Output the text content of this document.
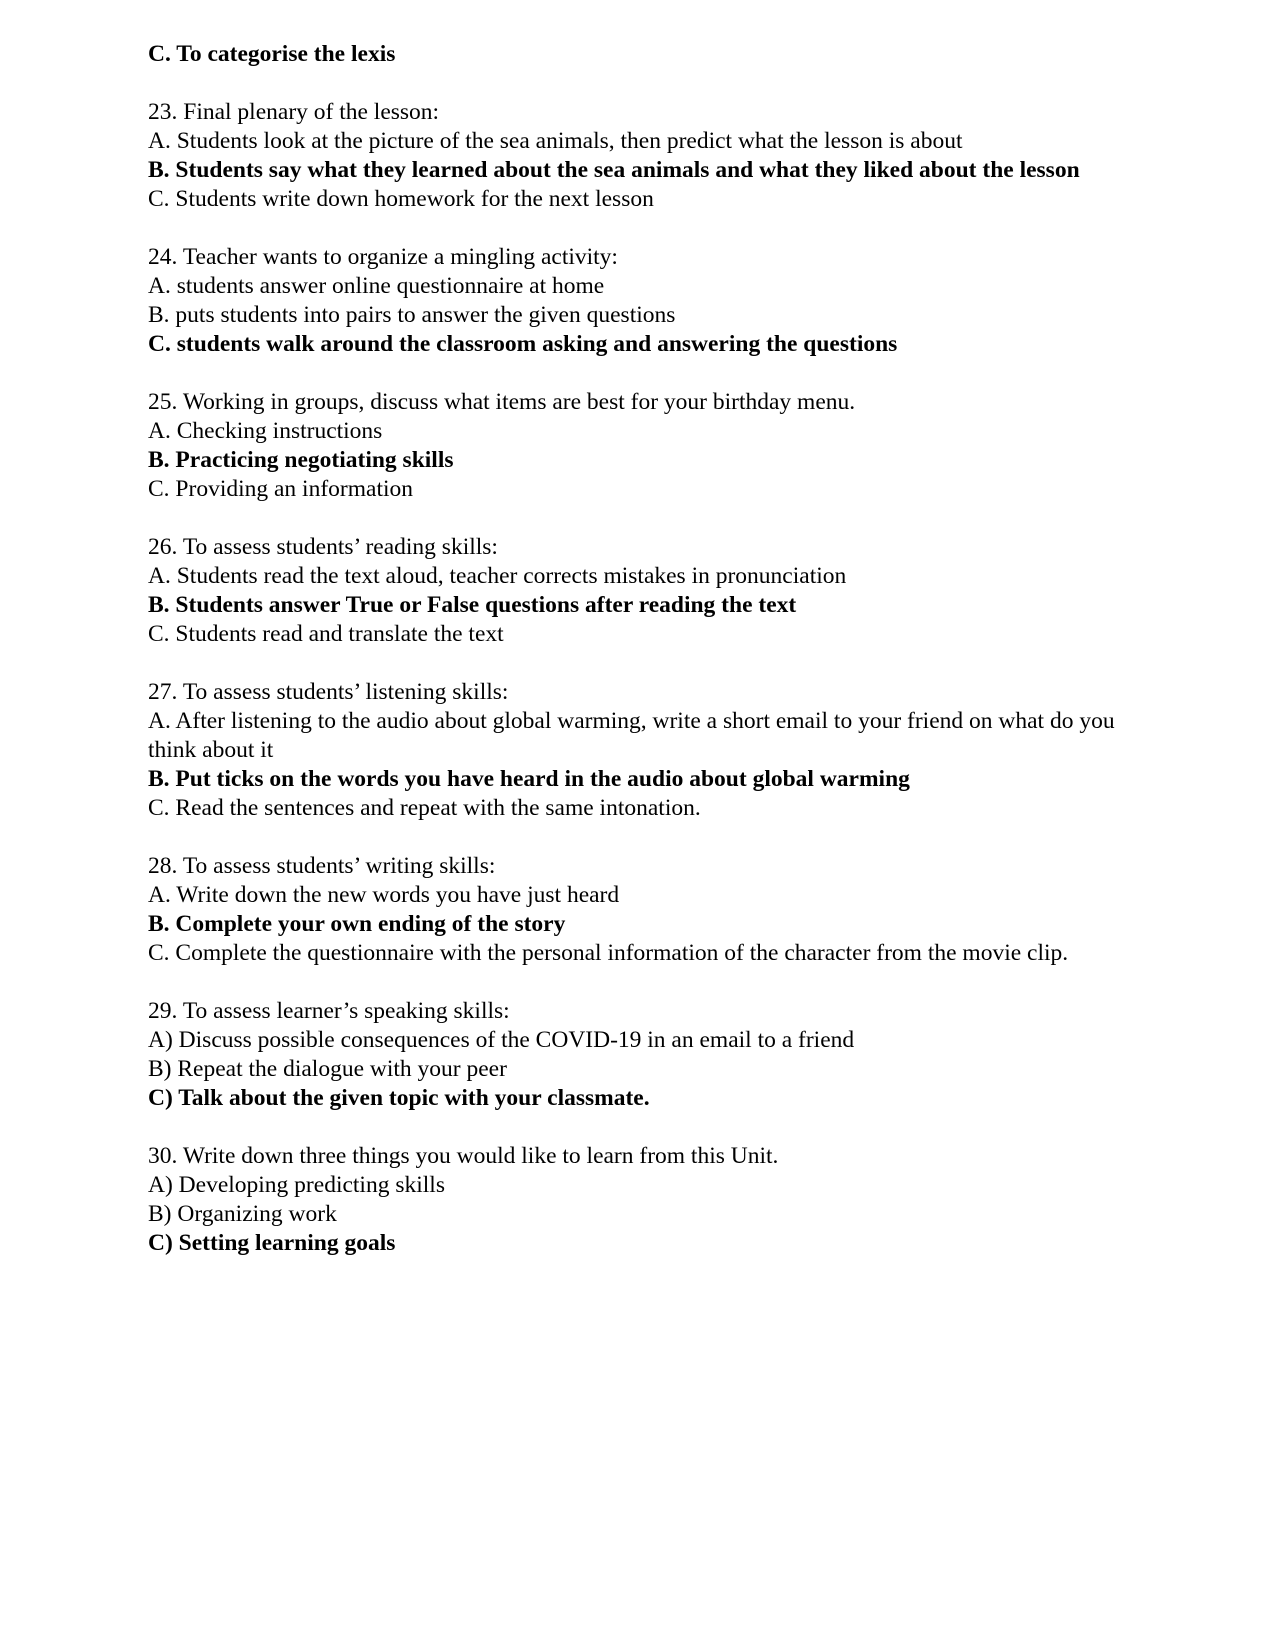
C. To categorise the lexis
23. Final plenary of the lesson:
A. Students look at the picture of the sea animals, then predict what the lesson is about
B. Students say what they learned about the sea animals and what they liked about the lesson
C. Students write down homework for the next lesson
24. Teacher wants to organize a mingling activity:
A. students answer online questionnaire at home
B. puts students into pairs to answer the given questions
C. students walk around the classroom asking and answering the questions
25. Working in groups, discuss what items are best for your birthday menu.
A. Checking instructions
B. Practicing negotiating skills
C. Providing an information
26. To assess students’ reading skills:
A. Students read the text aloud, teacher corrects mistakes in pronunciation
B. Students answer True or False questions after reading the text
C. Students read and translate the text
27. To assess students’ listening skills:
A. After listening to the audio about global warming, write a short email to your friend on what do you think about it
B. Put ticks on the words you have heard in the audio about global warming
C. Read the sentences and repeat with the same intonation.
28. To assess students’ writing skills:
A. Write down the new words you have just heard
B. Complete your own ending of the story
C. Complete the questionnaire with the personal information of the character from the movie clip.
29. To assess learner’s speaking skills:
A) Discuss possible consequences of the COVID-19 in an email to a friend
B) Repeat the dialogue with your peer
C) Talk about the given topic with your classmate.
30. Write down three things you would like to learn from this Unit.
A) Developing predicting skills
B) Organizing work
C) Setting learning goals
